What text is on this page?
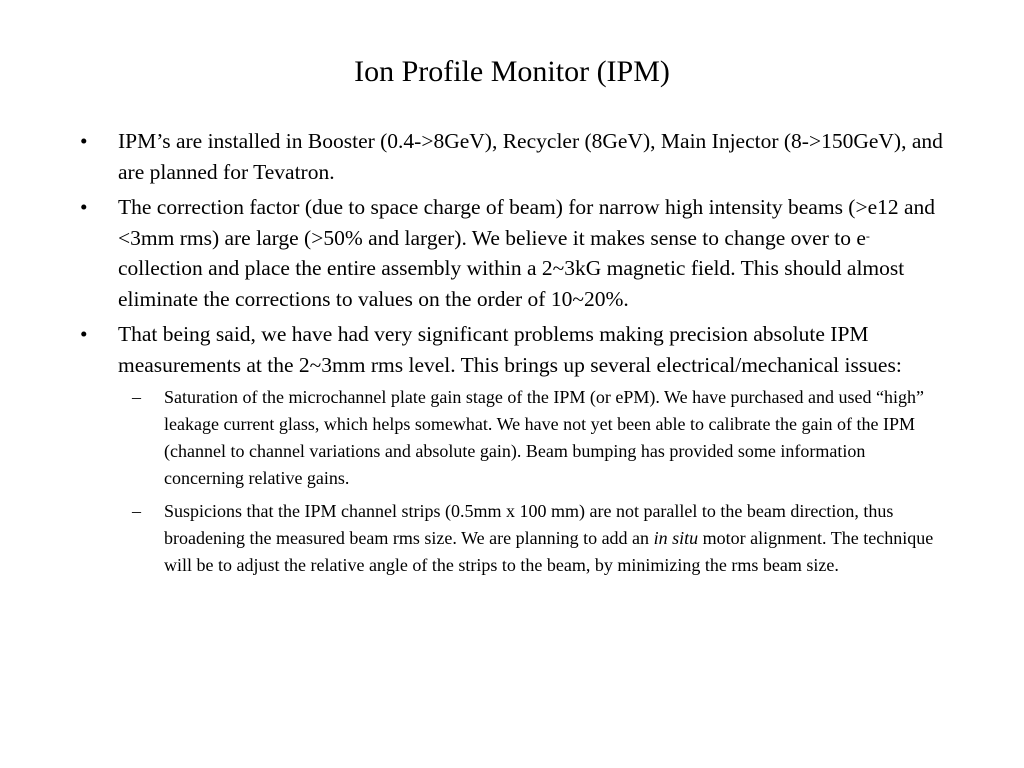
Ion Profile Monitor (IPM)
•	IPM’s are installed in Booster (0.4->8GeV), Recycler (8GeV), Main Injector (8->150GeV), and are planned for Tevatron.
•	The correction factor (due to space charge of beam) for narrow high intensity beams (>e12 and <3mm rms) are large (>50% and larger). We believe it makes sense to change over to e- collection and place the entire assembly within a 2~3kG magnetic field. This should almost eliminate the corrections to values on the order of 10~20%.
•	That being said, we have had very significant problems making precision absolute IPM measurements at the 2~3mm rms level. This brings up several electrical/mechanical issues:
– Saturation of the microchannel plate gain stage of the IPM (or ePM). We have purchased and used “high” leakage current glass, which helps somewhat. We have not yet been able to calibrate the gain of the IPM (channel to channel variations and absolute gain). Beam bumping has provided some information concerning relative gains.
– Suspicions that the IPM channel strips (0.5mm x 100 mm) are not parallel to the beam direction, thus broadening the measured beam rms size. We are planning to add an in situ motor alignment. The technique will be to adjust the relative angle of the strips to the beam, by minimizing the rms beam size.
